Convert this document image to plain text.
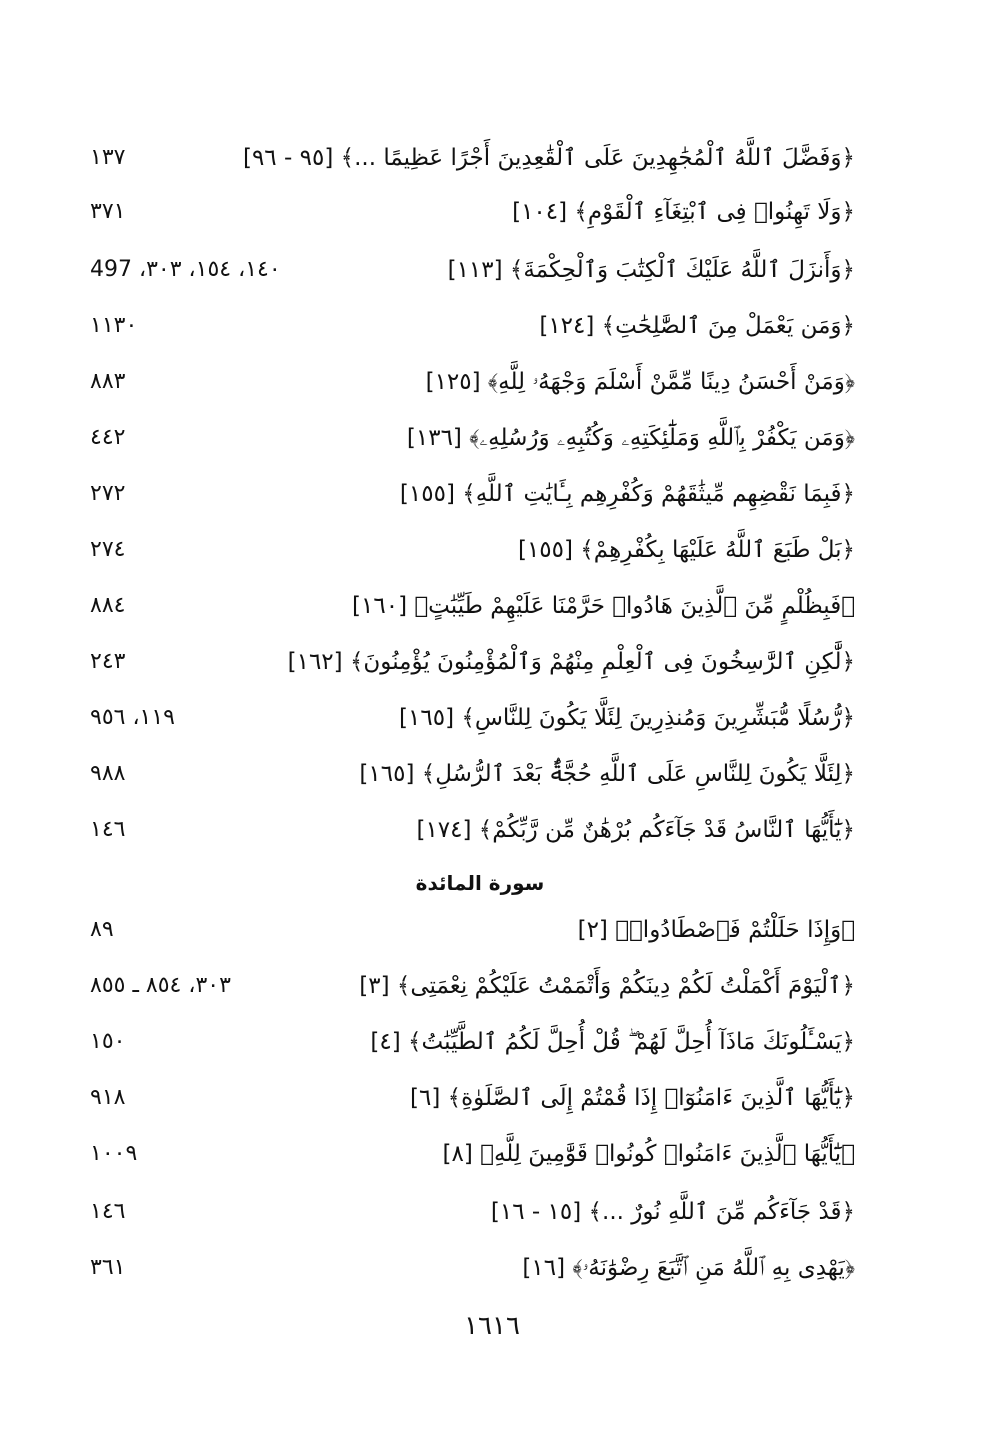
﴿وَفَضَّلَ ٱللَّهُ ٱلْمُجَٰهِدِينَ عَلَى ٱلْقَٰعِدِينَ أَجْرًا عَظِيمًا ...﴾ [٩٥ - ٩٦]
١٣٧
﴿وَلَا تَهِنُوا۟ فِى ٱبْتِغَآءِ ٱلْقَوْمِ﴾ [١٠٤]
٣٧١
﴿وَأَنزَلَ ٱللَّهُ عَلَيْكَ ٱلْكِتَٰبَ وَٱلْحِكْمَةَ﴾ [١١٣]
١٤٠، ١٥٤، ٣٠٣، 497
﴿وَمَن يَعْمَلْ مِنَ ٱلصَّٰلِحَٰتِ﴾ [١٢٤]
١١٣٠
﴿وَمَنْ أَحْسَنُ دِينًا مِّمَّنْ أَسْلَمَ وَجْهَهُۥ لِلَّهِ﴾ [١٢٥]
٨٨٣
﴿وَمَن يَكْفُرْ بِٱللَّهِ وَمَلَٰٓئِكَتِهِۦ وَكُتُبِهِۦ وَرُسُلِهِۦ﴾ [١٣٦]
٤٤٢
﴿فَبِمَا نَقْضِهِم مِّيثَٰقَهُمْ وَكُفْرِهِم بِـَٔايَٰتِ ٱللَّهِ﴾ [١٥٥]
٢٧٢
﴿بَلْ طَبَعَ ٱللَّهُ عَلَيْهَا بِكُفْرِهِمْ﴾ [١٥٥]
٢٧٤
﴿فَبِظُلْمٍ مِّنَ ٱلَّذِينَ هَادُوا۟ حَرَّمْنَا عَلَيْهِمْ طَيِّبَٰتٍ﴾ [١٦٠]
٨٨٤
﴿لَّٰكِنِ ٱلرَّٰسِخُونَ فِى ٱلْعِلْمِ مِنْهُمْ وَٱلْمُؤْمِنُونَ يُؤْمِنُونَ﴾ [١٦٢]
٢٤٣
﴿رُّسُلًا مُّبَشِّرِينَ وَمُنذِرِينَ لِئَلَّا يَكُونَ لِلنَّاسِ﴾ [١٦٥]
١١٩، ٩٥٦
﴿لِئَلَّا يَكُونَ لِلنَّاسِ عَلَى ٱللَّهِ حُجَّةٌۢ بَعْدَ ٱلرُّسُلِ﴾ [١٦٥]
٩٨٨
﴿يَٰٓأَيُّهَا ٱلنَّاسُ قَدْ جَآءَكُم بُرْهَٰنٌ مِّن رَّبِّكُمْ﴾ [١٧٤]
١٤٦
سورة المائدة
﴿وَإِذَا حَلَلْتُمْ فَٱصْطَادُوا۟﴾ [٢]
٨٩
﴿ٱلْيَوْمَ أَكْمَلْتُ لَكُمْ دِينَكُمْ وَأَتْمَمْتُ عَلَيْكُمْ نِعْمَتِى﴾ [٣]
٣٠٣، ٨٥٤ ـ ٨٥٥
﴿يَسْـَٔلُونَكَ مَاذَآ أُحِلَّ لَهُمْ ۖ قُلْ أُحِلَّ لَكُمُ ٱلطَّيِّبَٰتُ﴾ [٤]
١٥٠
﴿يَٰٓأَيُّهَا ٱلَّذِينَ ءَامَنُوٓا۟ إِذَا قُمْتُمْ إِلَى ٱلصَّلَوٰةِ﴾ [٦]
٩١٨
﴿يَٰٓأَيُّهَا ٱلَّذِينَ ءَامَنُوا۟ كُونُوا۟ قَوَّٰمِينَ لِلَّهِ﴾ [٨]
١٠٠٩
﴿قَدْ جَآءَكُم مِّنَ ٱللَّهِ نُورٌ ...﴾ [١٥ - ١٦]
١٤٦
﴿يَهْدِى بِهِ ٱللَّهُ مَنِ ٱتَّبَعَ رِضْوَٰنَهُۥ﴾ [١٦]
٣٦١
١٦١٦
